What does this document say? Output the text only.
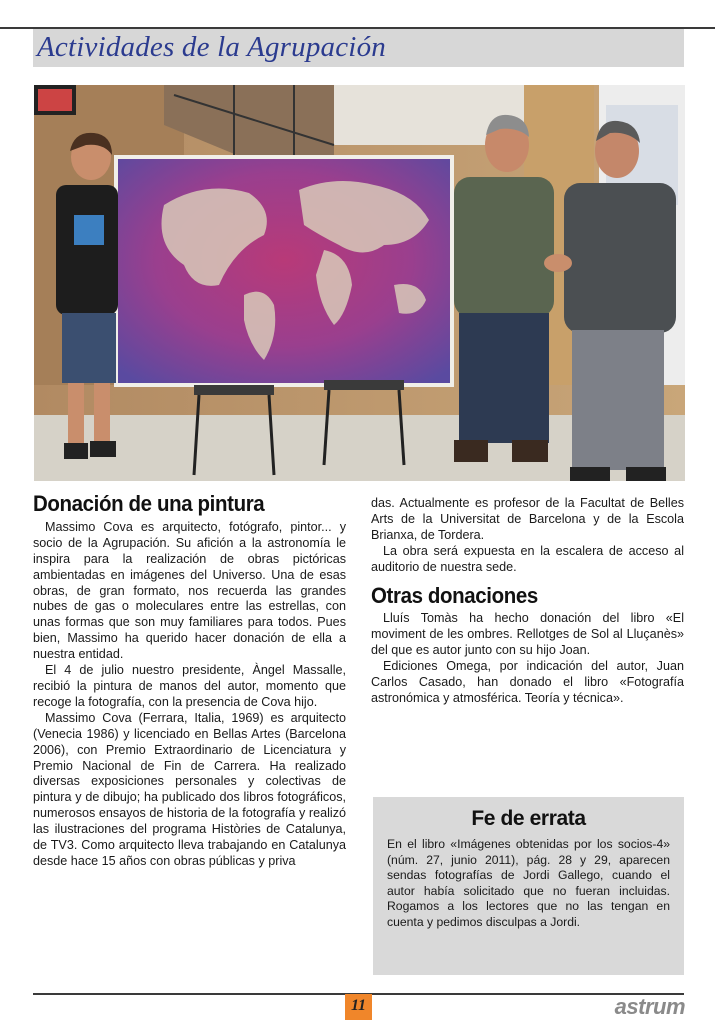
Actividades de la Agrupación
Donación de una pintura

Massimo Cova es arquitecto, fotógrafo, pintor... y socio de la Agrupación. Su afición a la astronomía le inspira para la realización de obras pictóricas ambientadas en imágenes del Universo. Una de esas obras, de gran formato, nos recuerda las grandes nubes de gas o moleculares entre las estrellas, con unas formas que son muy familiares para todos. Pues bien, Massimo ha querido hacer donación de ella a nuestra entidad.

El 4 de julio nuestro presidente, Àngel Massalle, recibió la pintura de manos del autor, momento que recoge la fotografía, con la presencia de Cova hijo.

Massimo Cova (Ferrara, Italia, 1969) es arquitecto (Venecia 1986) y licenciado en Bellas Artes (Barcelona 2006), con Premio Extraordinario de Licenciatura y Premio Nacional de Fin de Carrera. Ha realizado diversas exposiciones personales y colectivas de pintura y de dibujo; ha publicado dos libros fotográficos, numerosos ensayos de historia de la fotografía y realizó las ilustraciones del programa Històries de Catalunya, de TV3. Como arquitecto lleva trabajando en Catalunya desde hace 15 años con obras públicas y priva

das. Actualmente es profesor de la Facultat de Belles Arts de la Universitat de Barcelona y de la Escola Brianxa, de Tordera.

La obra será expuesta en la escalera de acceso al auditorio de nuestra sede.

Otras donaciones

Lluís Tomàs ha hecho donación del libro «El moviment de les ombres. Rellotges de Sol al Lluçanès» del que es autor junto con su hijo Joan.

Ediciones Omega, por indicación del autor, Juan Carlos Casado, han donado el libro «Fotografía astronómica y atmosférica. Teoría y técnica».

Fe de errata

En el libro «Imágenes obtenidas por los socios-4» (núm. 27, junio 2011), pág. 28 y 29, aparecen sendas fotografías de Jordi Gallego, cuando el autor había solicitado que no fueran incluidas. Rogamos a los lectores que no las tengan en cuenta y pedimos disculpas a Jordi.

11	astrum
